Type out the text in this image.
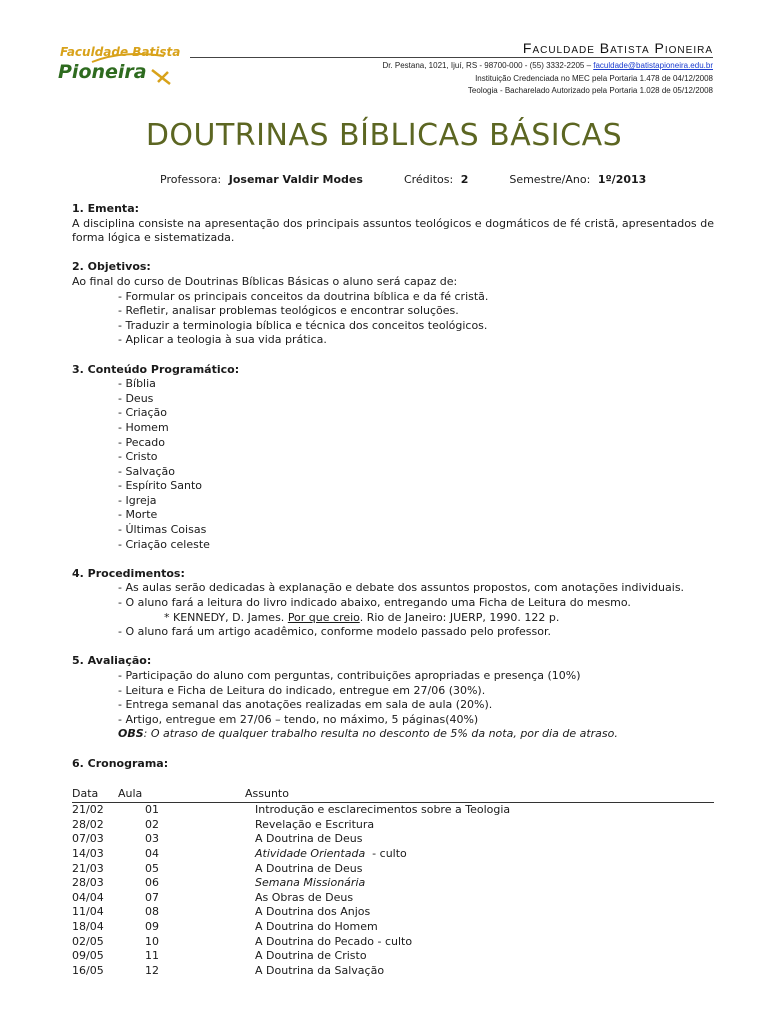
Faculdade Batista
Pioneira
Faculdade Batista Pioneira
Dr. Pestana, 1021, Ijuí, RS - 98700-000 - (55) 3332-2205 – faculdade@batistapioneira.edu.br
Instituição Credenciada no MEC pela Portaria 1.478 de 04/12/2008
Teologia - Bacharelado Autorizado pela Portaria 1.028 de 05/12/2008
DOUTRINAS BÍBLICAS BÁSICAS
Professora: Josemar Valdir Modes	Créditos: 2	Semestre/Ano: 1º/2013
1. Ementa:
A disciplina consiste na apresentação dos principais assuntos teológicos e dogmáticos de fé cristã, apresentados de forma lógica e sistematizada.
2. Objetivos:
Ao final do curso de Doutrinas Bíblicas Básicas o aluno será capaz de:
- Formular os principais conceitos da doutrina bíblica e da fé cristã.
- Refletir, analisar problemas teológicos e encontrar soluções.
- Traduzir a terminologia bíblica e técnica dos conceitos teológicos.
- Aplicar a teologia à sua vida prática.
3. Conteúdo Programático:
- Bíblia
- Deus
- Criação
- Homem
- Pecado
- Cristo
- Salvação
- Espírito Santo
- Igreja
- Morte
- Últimas Coisas
- Criação celeste
4. Procedimentos:
- As aulas serão dedicadas à explanação e debate dos assuntos propostos, com anotações individuais.
- O aluno fará a leitura do livro indicado abaixo, entregando uma Ficha de Leitura do mesmo.
* KENNEDY, D. James. Por que creio. Rio de Janeiro: JUERP, 1990. 122 p.
- O aluno fará um artigo acadêmico, conforme modelo passado pelo professor.
5. Avaliação:
- Participação do aluno com perguntas, contribuições apropriadas e presença (10%)
- Leitura e Ficha de Leitura do indicado, entregue em 27/06 (30%).
- Entrega semanal das anotações realizadas em sala de aula (20%).
- Artigo, entregue em 27/06 – tendo, no máximo, 5 páginas(40%)
OBS: O atraso de qualquer trabalho resulta no desconto de 5% da nota, por dia de atraso.
6. Cronograma:
Data	Aula	Assunto
21/02	01	Introdução e esclarecimentos sobre a Teologia
28/02	02	Revelação e Escritura
07/03	03	A Doutrina de Deus
14/03	04	Atividade Orientada  - culto
21/03	05	A Doutrina de Deus
28/03	06	Semana Missionária
04/04	07	As Obras de Deus
11/04	08	A Doutrina dos Anjos
18/04	09	A Doutrina do Homem
02/05	10	A Doutrina do Pecado - culto
09/05	11	A Doutrina de Cristo
16/05	12	A Doutrina da Salvação
